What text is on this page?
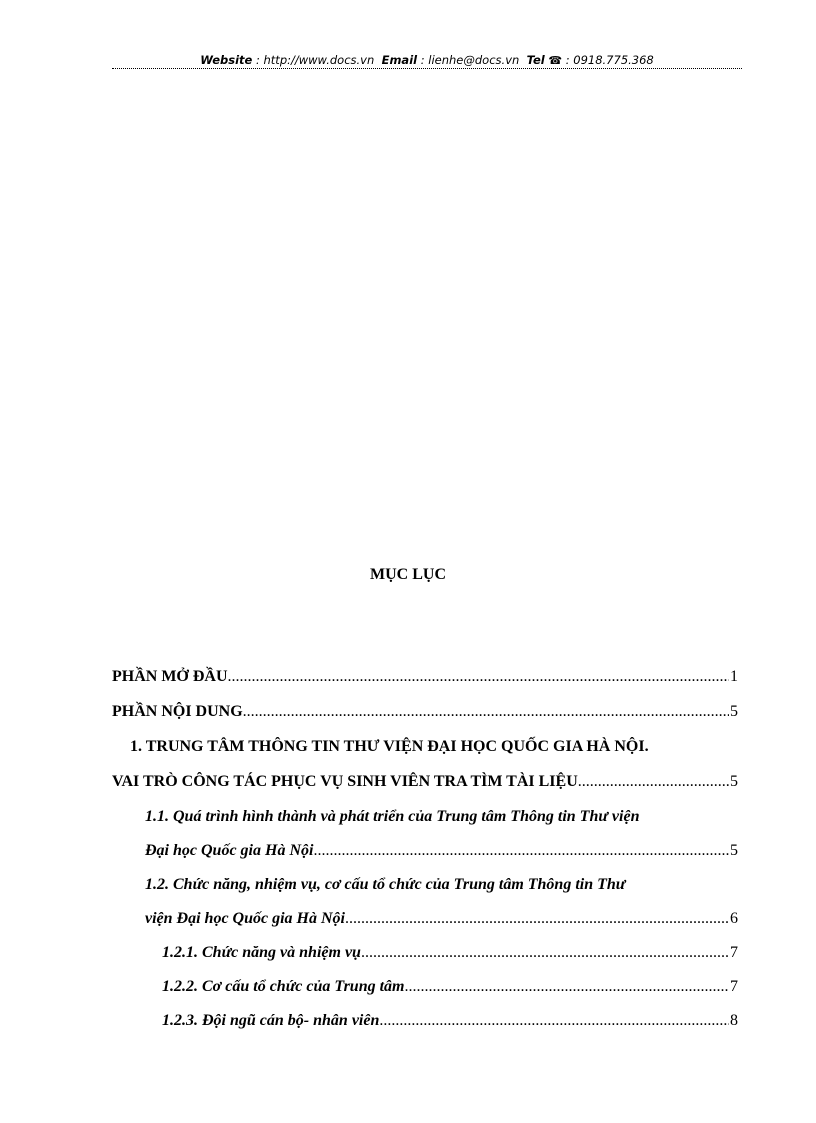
Website : http://www.docs.vn Email : lienhe@docs.vn Tel ☎ : 0918.775.368
MỤC LỤC
PHẦN MỞ ĐẦU .....	1
PHẦN NỘI DUNG .....	5
1. TRUNG TÂM THÔNG TIN THƯ VIỆN ĐẠI HỌC QUỐC GIA HÀ NỘI.
VAI TRÒ CÔNG TÁC PHỤC VỤ SINH VIÊN TRA TÌM TÀI LIỆU .....	5
1.1. Quá trình hình thành và phát triển của Trung tâm Thông tin Thư viện
Đại học Quốc gia Hà Nội .....	5
1.2. Chức năng, nhiệm vụ, cơ cấu tổ chức của Trung tâm Thông tin Thư
viện Đại học Quốc gia Hà Nội .....	6
1.2.1. Chức năng và nhiệm vụ .....	7
1.2.2. Cơ cấu tổ chức của Trung tâm .....	7
1.2.3. Đội ngũ cán bộ- nhân viên .....	8
